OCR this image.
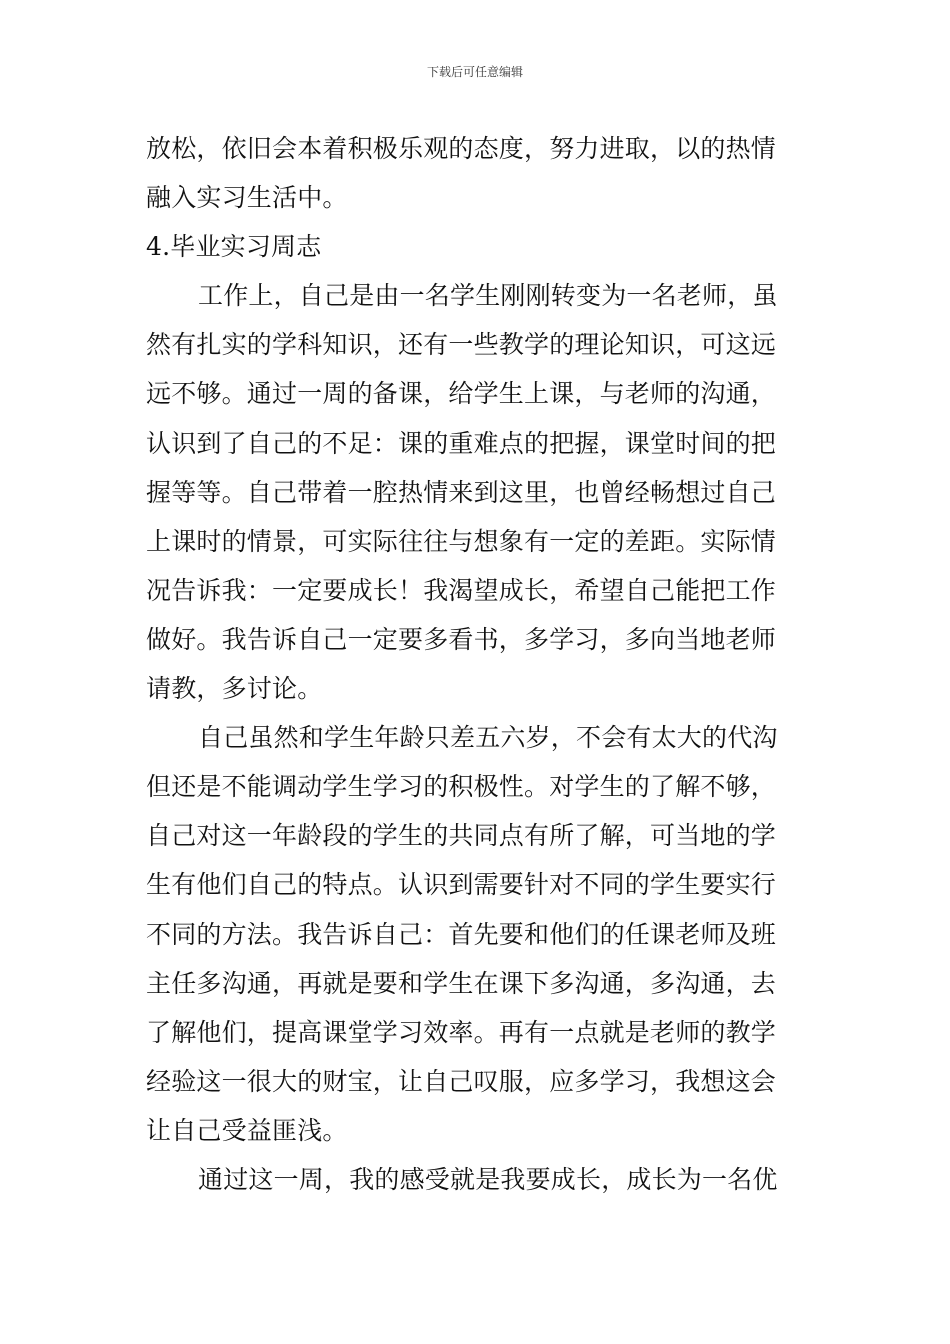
下载后可任意编辑
放松，依旧会本着积极乐观的态度，努力进取，以的热情
融入实习生活中。
4.毕业实习周志
工作上，自己是由一名学生刚刚转变为一名老师，虽
然有扎实的学科知识，还有一些教学的理论知识，可这远
远不够。通过一周的备课，给学生上课，与老师的沟通，
认识到了自己的不足：课的重难点的把握，课堂时间的把
握等等。自己带着一腔热情来到这里，也曾经畅想过自己
上课时的情景，可实际往往与想象有一定的差距。实际情
况告诉我：一定要成长！我渴望成长，希望自己能把工作
做好。我告诉自己一定要多看书，多学习，多向当地老师
请教，多讨论。
自己虽然和学生年龄只差五六岁，不会有太大的代沟
但还是不能调动学生学习的积极性。对学生的了解不够，
自己对这一年龄段的学生的共同点有所了解，可当地的学
生有他们自己的特点。认识到需要针对不同的学生要实行
不同的方法。我告诉自己：首先要和他们的任课老师及班
主任多沟通，再就是要和学生在课下多沟通，多沟通，去
了解他们，提高课堂学习效率。再有一点就是老师的教学
经验这一很大的财宝，让自己叹服，应多学习，我想这会
让自己受益匪浅。
通过这一周，我的感受就是我要成长，成长为一名优
